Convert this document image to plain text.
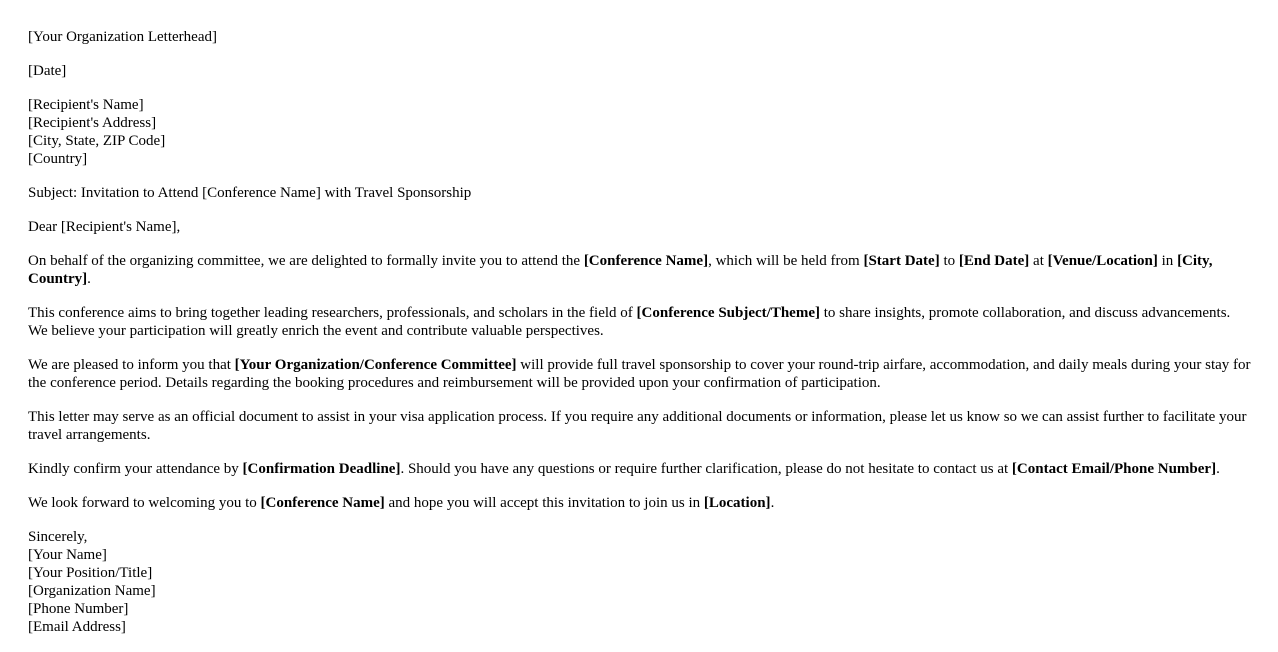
[Your Organization Letterhead]

[Date]

[Recipient's Name]
[Recipient's Address]
[City, State, ZIP Code]
[Country]

Subject: Invitation to Attend [Conference Name] with Travel Sponsorship

Dear [Recipient's Name],

On behalf of the organizing committee, we are delighted to formally invite you to attend the [Conference Name], which will be held from [Start Date] to [End Date] at [Venue/Location] in [City, Country].

This conference aims to bring together leading researchers, professionals, and scholars in the field of [Conference Subject/Theme] to share insights, promote collaboration, and discuss advancements. We believe your participation will greatly enrich the event and contribute valuable perspectives.

We are pleased to inform you that [Your Organization/Conference Committee] will provide full travel sponsorship to cover your round-trip airfare, accommodation, and daily meals during your stay for the conference period. Details regarding the booking procedures and reimbursement will be provided upon your confirmation of participation.

This letter may serve as an official document to assist in your visa application process. If you require any additional documents or information, please let us know so we can assist further to facilitate your travel arrangements.

Kindly confirm your attendance by [Confirmation Deadline]. Should you have any questions or require further clarification, please do not hesitate to contact us at [Contact Email/Phone Number].

We look forward to welcoming you to [Conference Name] and hope you will accept this invitation to join us in [Location].

Sincerely,
[Your Name]
[Your Position/Title]
[Organization Name]
[Phone Number]
[Email Address]
